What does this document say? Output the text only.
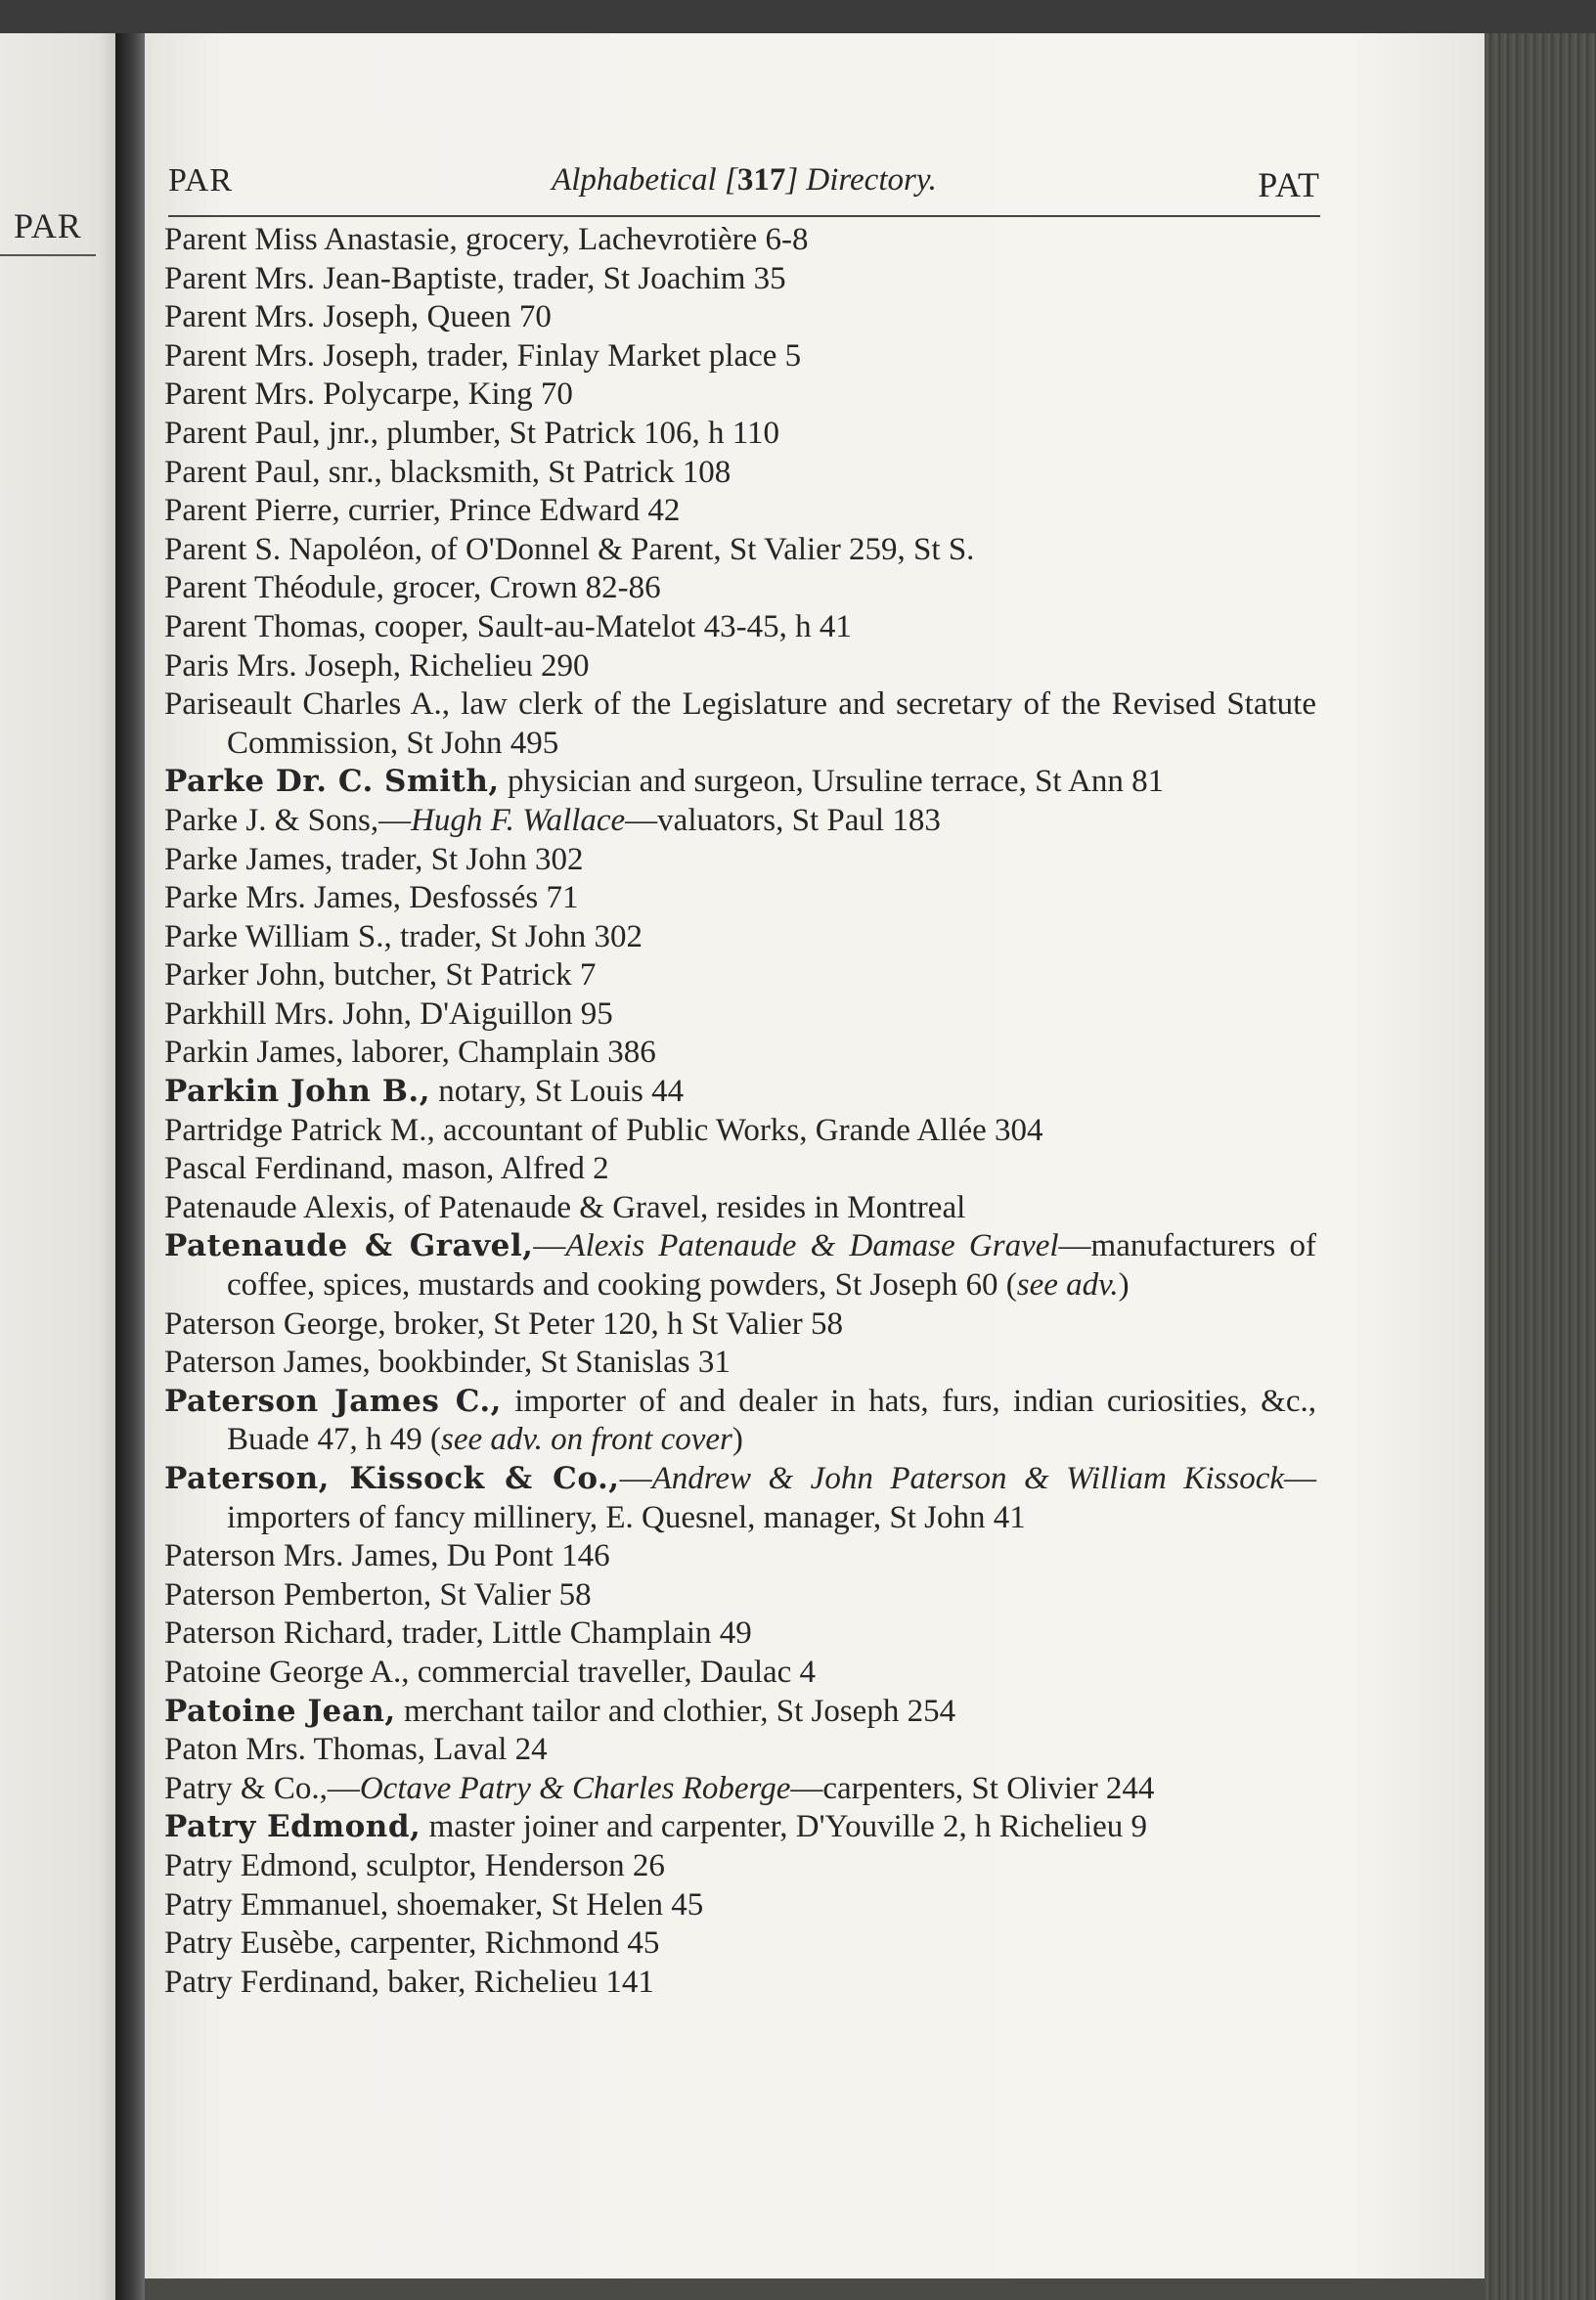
PAR
PAR	Alphabetical [317] Directory.	PAT
Parent Miss Anastasie, grocery, Lachevrotière 6-8
Parent Mrs. Jean-Baptiste, trader, St Joachim 35
Parent Mrs. Joseph, Queen 70
Parent Mrs. Joseph, trader, Finlay Market place 5
Parent Mrs. Polycarpe, King 70
Parent Paul, jnr., plumber, St Patrick 106, h 110
Parent Paul, snr., blacksmith, St Patrick 108
Parent Pierre, currier, Prince Edward 42
Parent S. Napoléon, of O'Donnel & Parent, St Valier 259, St S.
Parent Théodule, grocer, Crown 82-86
Parent Thomas, cooper, Sault-au-Matelot 43-45, h 41
Paris Mrs. Joseph, Richelieu 290
Pariseault Charles A., law clerk of the Legislature and secretary of the Revised Statute Commission, St John 495
Parke Dr. C. Smith, physician and surgeon, Ursuline terrace, St Ann 81
Parke J. & Sons,—Hugh F. Wallace—valuators, St Paul 183
Parke James, trader, St John 302
Parke Mrs. James, Desfossés 71
Parke William S., trader, St John 302
Parker John, butcher, St Patrick 7
Parkhill Mrs. John, D'Aiguillon 95
Parkin James, laborer, Champlain 386
Parkin John B., notary, St Louis 44
Partridge Patrick M., accountant of Public Works, Grande Allée 304
Pascal Ferdinand, mason, Alfred 2
Patenaude Alexis, of Patenaude & Gravel, resides in Montreal
Patenaude & Gravel,—Alexis Patenaude & Damase Gravel—manufacturers of coffee, spices, mustards and cooking powders, St Joseph 60 (see adv.)
Paterson George, broker, St Peter 120, h St Valier 58
Paterson James, bookbinder, St Stanislas 31
Paterson James C., importer of and dealer in hats, furs, indian curiosities, &c., Buade 47, h 49 (see adv. on front cover)
Paterson, Kissock & Co.,—Andrew & John Paterson & William Kissock—importers of fancy millinery, E. Quesnel, manager, St John 41
Paterson Mrs. James, Du Pont 146
Paterson Pemberton, St Valier 58
Paterson Richard, trader, Little Champlain 49
Patoine George A., commercial traveller, Daulac 4
Patoine Jean, merchant tailor and clothier, St Joseph 254
Paton Mrs. Thomas, Laval 24
Patry & Co.,—Octave Patry & Charles Roberge—carpenters, St Olivier 244
Patry Edmond, master joiner and carpenter, D'Youville 2, h Richelieu 9
Patry Edmond, sculptor, Henderson 26
Patry Emmanuel, shoemaker, St Helen 45
Patry Eusèbe, carpenter, Richmond 45
Patry Ferdinand, baker, Richelieu 141
